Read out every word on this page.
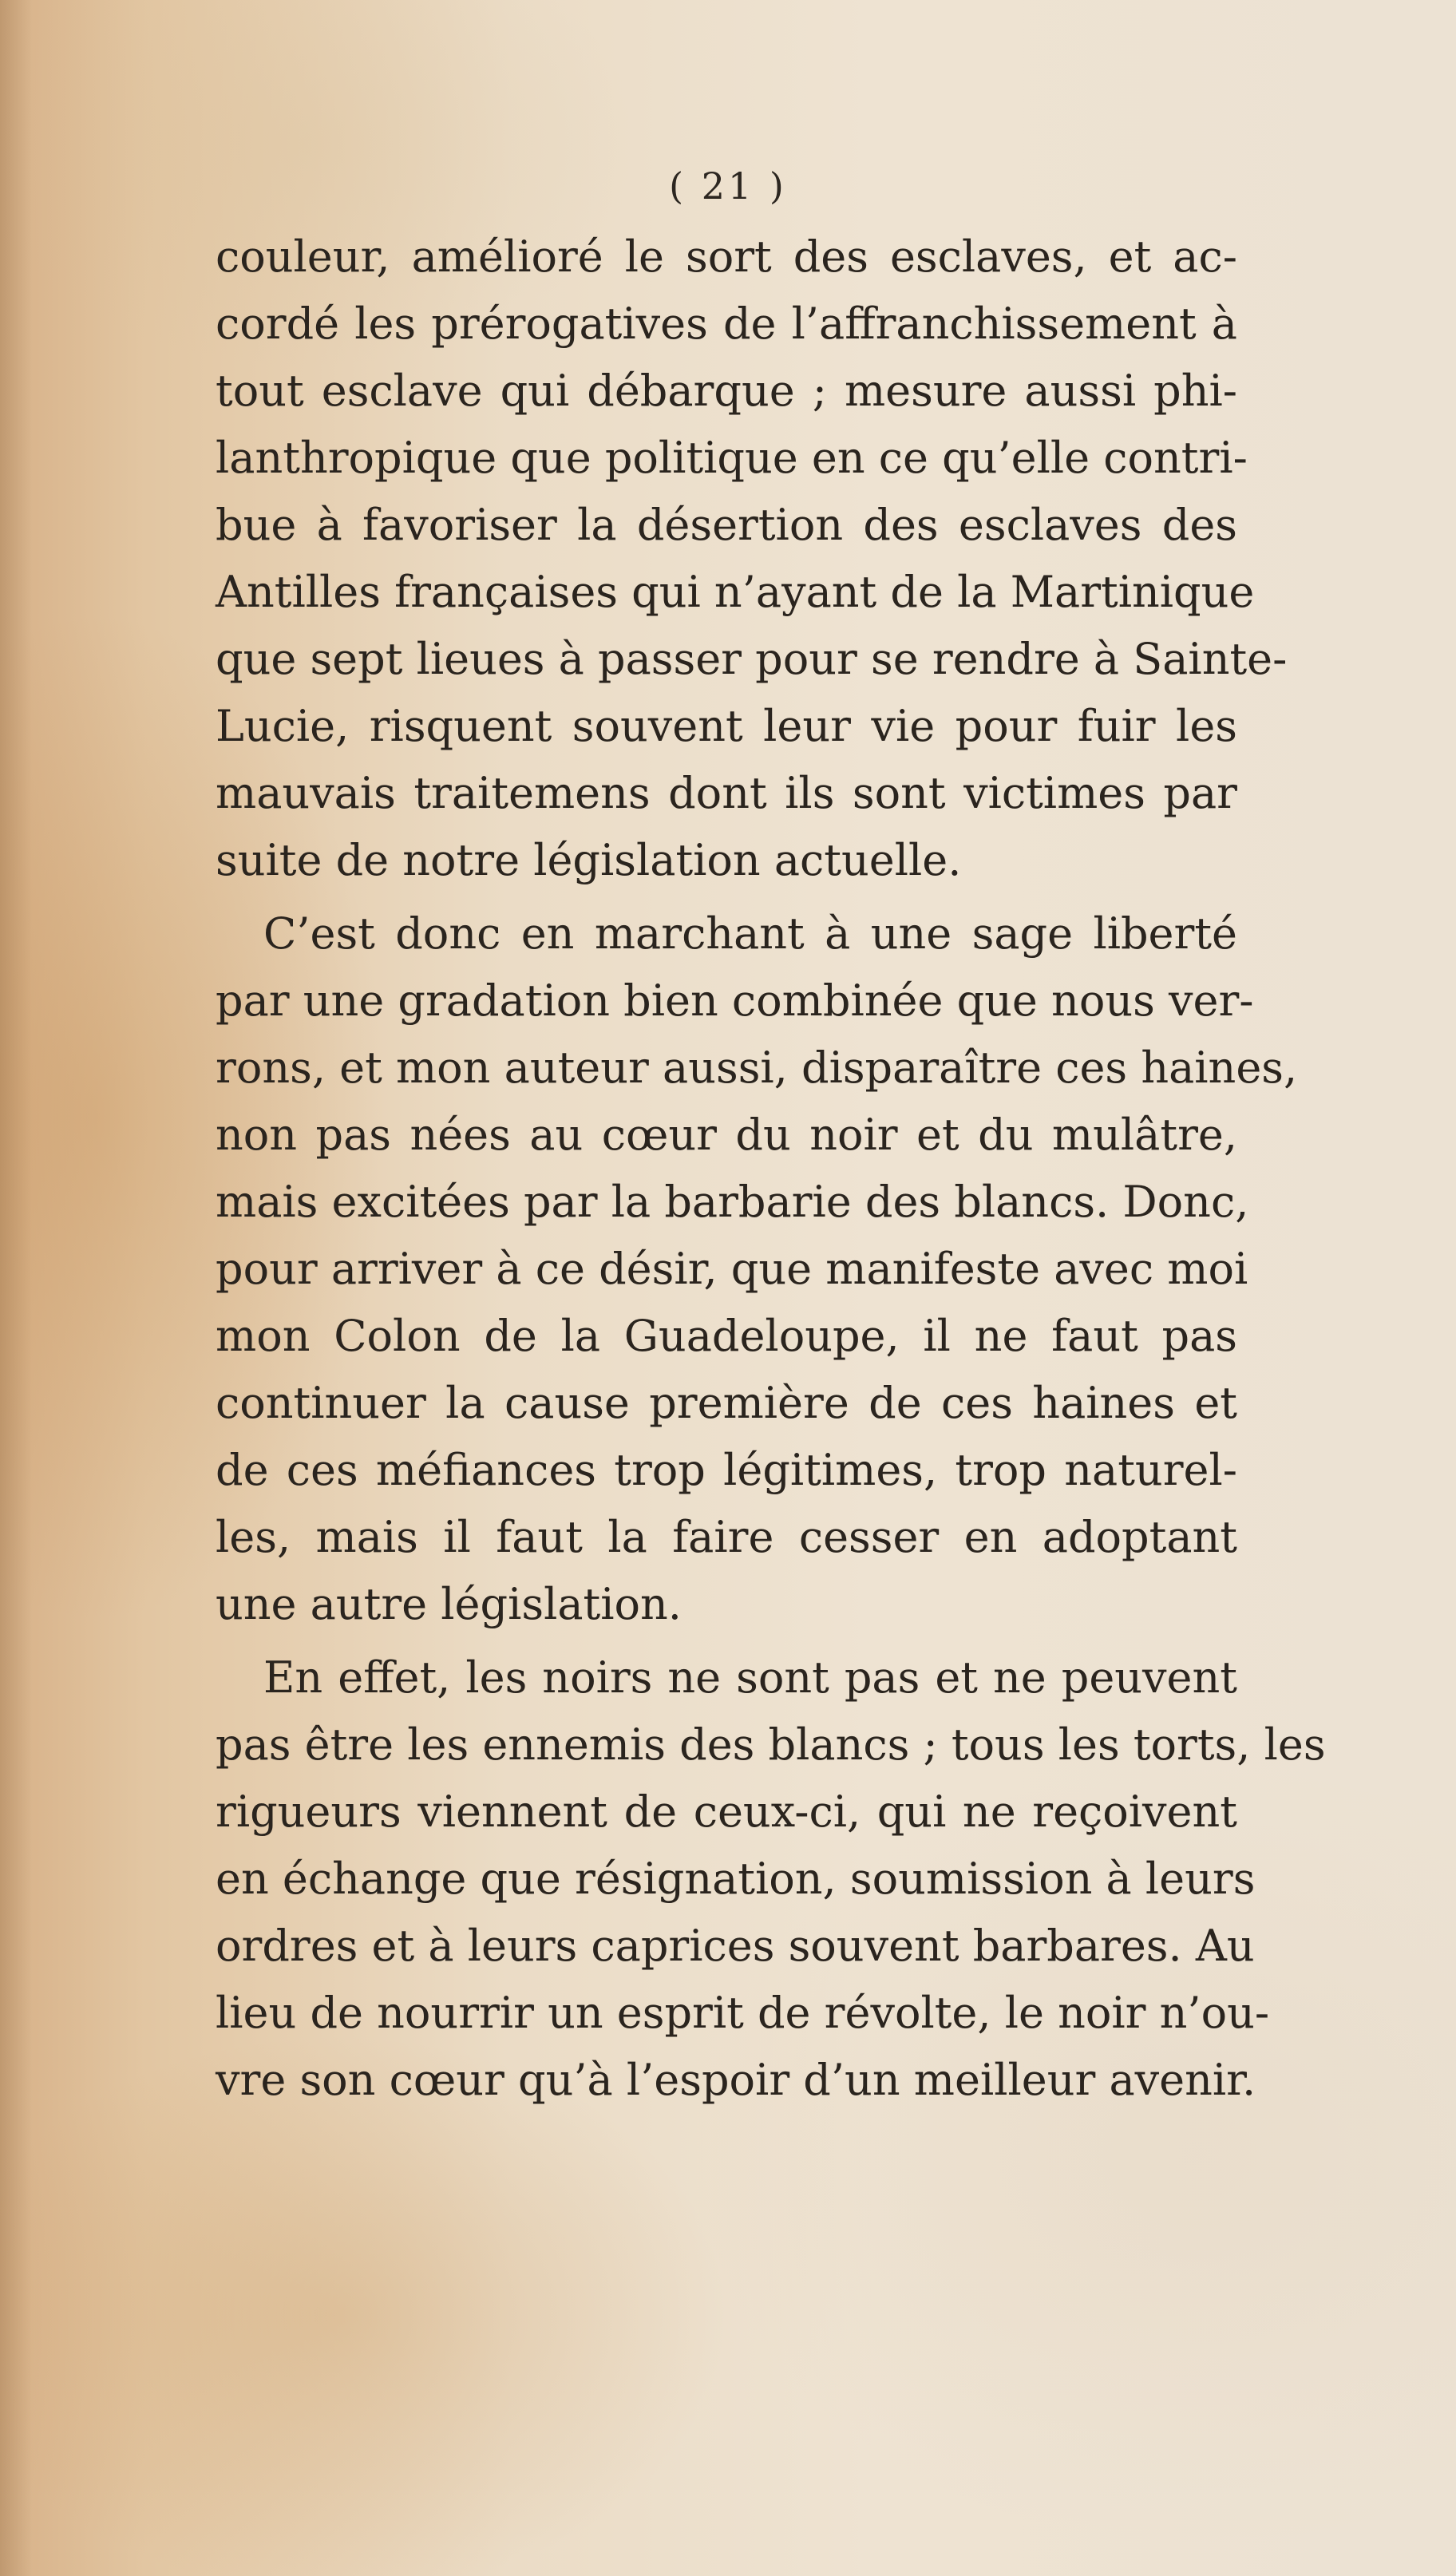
( 21 )
couleur, amélioré le sort des esclaves, et ac-
cordé les prérogatives de l’affranchissement à
tout esclave qui débarque ; mesure aussi phi-
lanthropique que politique en ce qu’elle contri-
bue à favoriser la désertion des esclaves des
Antilles françaises qui n’ayant de la Martinique
que sept lieues à passer pour se rendre à Sainte-
Lucie, risquent souvent leur vie pour fuir les
mauvais traitemens dont ils sont victimes par
suite de notre législation actuelle.
C’est donc en marchant à une sage liberté
par une gradation bien combinée que nous ver-
rons, et mon auteur aussi, disparaître ces haines,
non pas nées au cœur du noir et du mulâtre,
mais excitées par la barbarie des blancs. Donc,
pour arriver à ce désir, que manifeste avec moi
mon Colon de la Guadeloupe, il ne faut pas
continuer la cause première de ces haines et
de ces méfiances trop légitimes, trop naturel-
les, mais il faut la faire cesser en adoptant
une autre législation.
En effet, les noirs ne sont pas et ne peuvent
pas être les ennemis des blancs ; tous les torts, les
rigueurs viennent de ceux-ci, qui ne reçoivent
en échange que résignation, soumission à leurs
ordres et à leurs caprices souvent barbares. Au
lieu de nourrir un esprit de révolte, le noir n’ou-
vre son cœur qu’à l’espoir d’un meilleur avenir.
